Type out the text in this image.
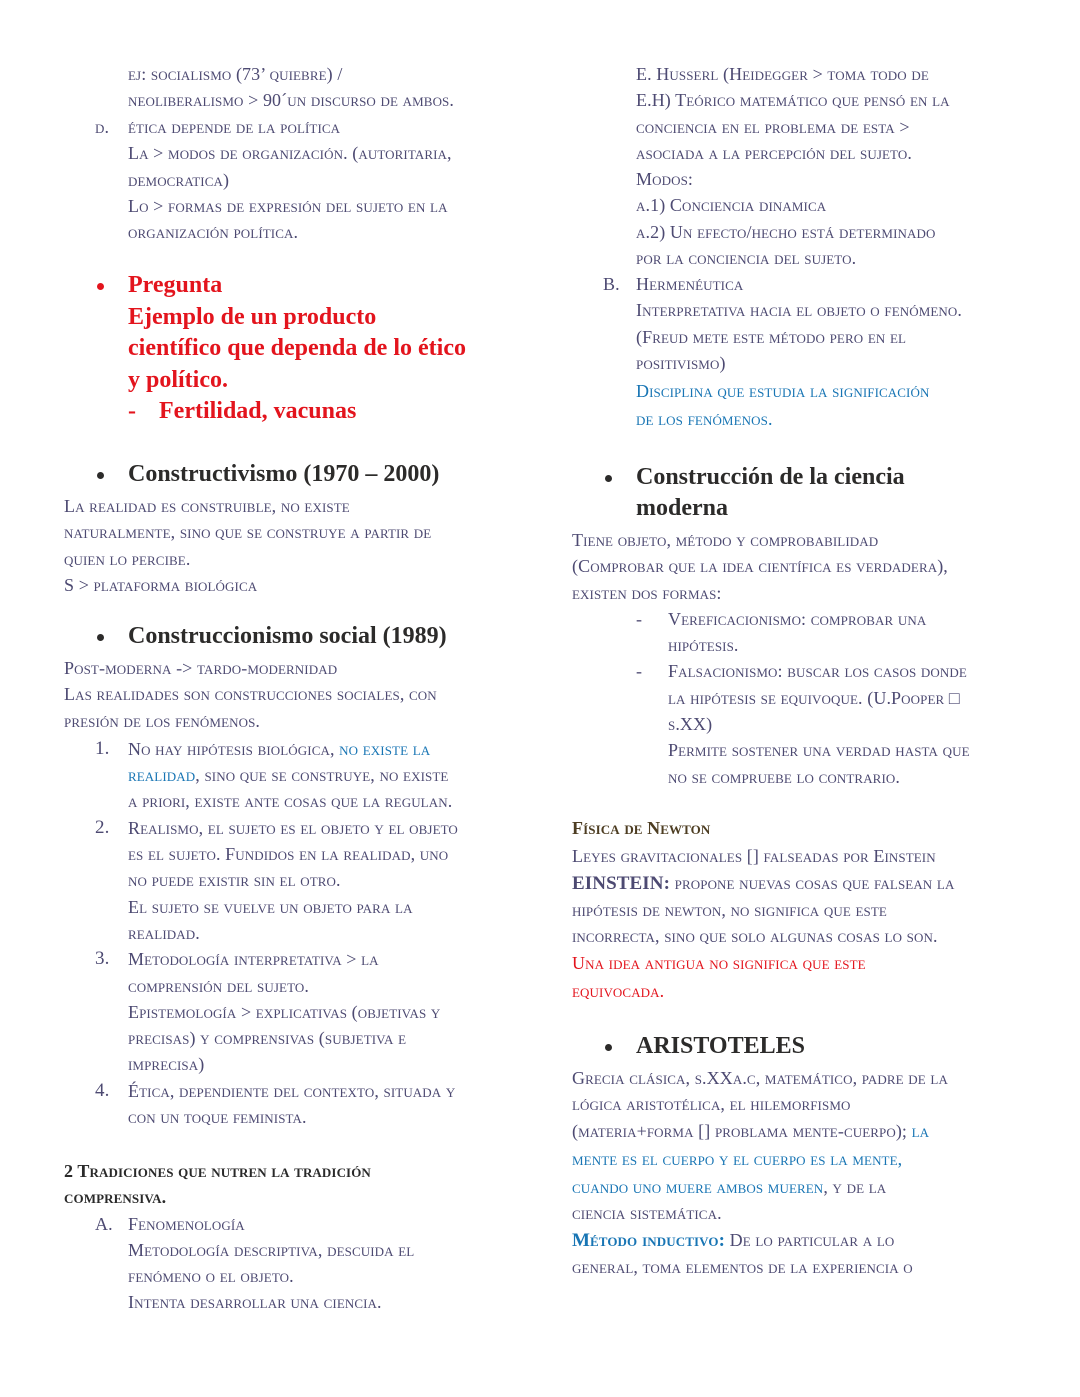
ej: socialismo (73’ quiebre) /
neoliberalismo > 90´un discurso de ambos.
d. ética depende de la política
La > modos de organización. (autoritaria,
democratica)
Lo > formas de expresión del sujeto en la
organización política.
Pregunta
Ejemplo de un producto
científico que dependa de lo ético
y político.
- Fertilidad, vacunas
Constructivismo (1970 – 2000)
La realidad es construible, no existe
naturalmente, sino que se construye a partir de
quien lo percibe.
S > plataforma biológica
Construccionismo social (1989)
Post-moderna -> tardo-modernidad
Las realidades son construcciones sociales, con
presión de los fenómenos.
1. No hay hipótesis biológica, no existe la
realidad, sino que se construye, no existe
a priori, existe ante cosas que la regulan.
2. Realismo, el sujeto es el objeto y el objeto
es el sujeto. Fundidos en la realidad, uno
no puede existir sin el otro.
El sujeto se vuelve un objeto para la
realidad.
3. Metodología interpretativa > la
comprensión del sujeto.
Epistemología > explicativas (objetivas y
precisas) y comprensivas (subjetiva e
imprecisa)
4. Ética, dependiente del contexto, situada y
con un toque feminista.
2 Tradiciones que nutren la tradición
comprensiva.
A. Fenomenología
Metodología descriptiva, descuida el
fenómeno o el objeto.
Intenta desarrollar una ciencia.
E. Husserl (Heidegger > toma todo de
E.H) Teórico matemático que pensó en la
conciencia en el problema de esta >
asociada a la percepción del sujeto.
Modos:
a.1) Conciencia dinamica
a.2) Un efecto/hecho está determinado
por la conciencia del sujeto.
B. Hermenéutica
Interpretativa hacia el objeto o fenómeno.
(Freud mete este método pero en el
positivismo)
Disciplina que estudia la significación
de los fenómenos.
Construcción de la ciencia
moderna
Tiene objeto, método y comprobabilidad
(Comprobar que la idea científica es verdadera),
existen dos formas:
- Vereficacionismo: comprobar una
hipótesis.
- Falsacionismo: buscar los casos donde
la hipótesis se equivoque. (U.Pooper □
s.XX)
Permite sostener una verdad hasta que
no se compruebe lo contrario.
Física de Newton
Leyes gravitacionales [] falseadas por Einstein
EINSTEIN: propone nuevas cosas que falsean la
hipótesis de newton, no significa que este
incorrecta, sino que solo algunas cosas lo son.
Una idea antigua no significa que este
equivocada.
ARISTOTELES
Grecia clásica, s.XXa.c, matemático, padre de la
lógica aristotélica, el hilemorfismo
(materia+forma [] problama mente-cuerpo); la
mente es el cuerpo y el cuerpo es la mente,
cuando uno muere ambos mueren, y de la
ciencia sistemática.
Método inductivo: De lo particular a lo
general, toma elementos de la experiencia o
